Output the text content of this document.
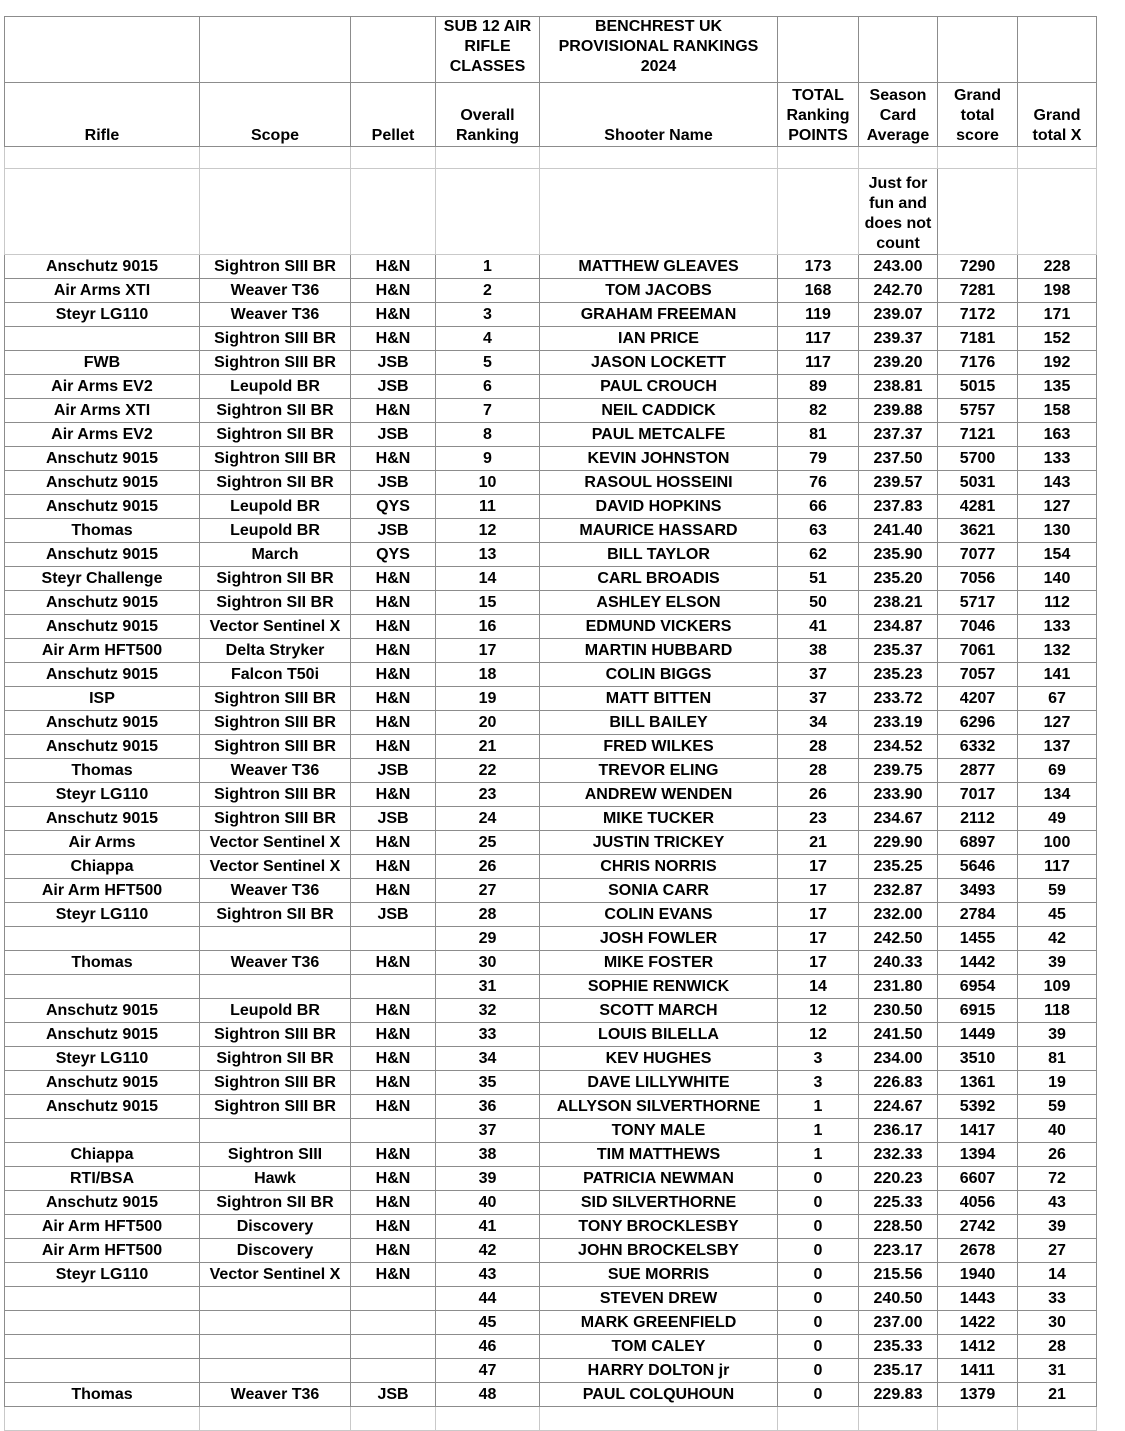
			SUB 12 AIR RIFLE CLASSES	BENCHREST UK PROVISIONAL RANKINGS 2024				
Rifle	Scope	Pellet	Overall Ranking	Shooter Name	TOTAL Ranking POINTS	Season Card Average	Grand total score	Grand total X

						Just for fun and does not count		
Anschutz 9015	Sightron SIII BR	H&N	1	MATTHEW GLEAVES	173	243.00	7290	228
Air Arms XTI	Weaver T36	H&N	2	TOM JACOBS	168	242.70	7281	198
Steyr LG110	Weaver T36	H&N	3	GRAHAM FREEMAN	119	239.07	7172	171
	Sightron SIII BR	H&N	4	IAN PRICE	117	239.37	7181	152
FWB	Sightron SIII BR	JSB	5	JASON LOCKETT	117	239.20	7176	192
Air Arms EV2	Leupold BR	JSB	6	PAUL CROUCH	89	238.81	5015	135
Air Arms XTI	Sightron SII BR	H&N	7	NEIL CADDICK	82	239.88	5757	158
Air Arms EV2	Sightron SII BR	JSB	8	PAUL METCALFE	81	237.37	7121	163
Anschutz 9015	Sightron SIII BR	H&N	9	KEVIN JOHNSTON	79	237.50	5700	133
Anschutz 9015	Sightron SII BR	JSB	10	RASOUL HOSSEINI	76	239.57	5031	143
Anschutz 9015	Leupold BR	QYS	11	DAVID HOPKINS	66	237.83	4281	127
Thomas	Leupold BR	JSB	12	MAURICE HASSARD	63	241.40	3621	130
Anschutz 9015	March	QYS	13	BILL TAYLOR	62	235.90	7077	154
Steyr Challenge	Sightron SII BR	H&N	14	CARL BROADIS	51	235.20	7056	140
Anschutz 9015	Sightron SII BR	H&N	15	ASHLEY ELSON	50	238.21	5717	112
Anschutz 9015	Vector Sentinel X	H&N	16	EDMUND VICKERS	41	234.87	7046	133
Air Arm HFT500	Delta Stryker	H&N	17	MARTIN HUBBARD	38	235.37	7061	132
Anschutz 9015	Falcon T50i	H&N	18	COLIN BIGGS	37	235.23	7057	141
ISP	Sightron SIII BR	H&N	19	MATT BITTEN	37	233.72	4207	67
Anschutz 9015	Sightron SIII BR	H&N	20	BILL BAILEY	34	233.19	6296	127
Anschutz 9015	Sightron SIII BR	H&N	21	FRED WILKES	28	234.52	6332	137
Thomas	Weaver T36	JSB	22	TREVOR ELING	28	239.75	2877	69
Steyr LG110	Sightron SIII BR	H&N	23	ANDREW WENDEN	26	233.90	7017	134
Anschutz 9015	Sightron SIII BR	JSB	24	MIKE TUCKER	23	234.67	2112	49
Air Arms	Vector Sentinel X	H&N	25	JUSTIN TRICKEY	21	229.90	6897	100
Chiappa	Vector Sentinel X	H&N	26	CHRIS NORRIS	17	235.25	5646	117
Air Arm HFT500	Weaver T36	H&N	27	SONIA CARR	17	232.87	3493	59
Steyr LG110	Sightron SII BR	JSB	28	COLIN EVANS	17	232.00	2784	45
			29	JOSH FOWLER	17	242.50	1455	42
Thomas	Weaver T36	H&N	30	MIKE FOSTER	17	240.33	1442	39
			31	SOPHIE RENWICK	14	231.80	6954	109
Anschutz 9015	Leupold BR	H&N	32	SCOTT MARCH	12	230.50	6915	118
Anschutz 9015	Sightron SIII BR	H&N	33	LOUIS BILELLA	12	241.50	1449	39
Steyr LG110	Sightron SII BR	H&N	34	KEV HUGHES	3	234.00	3510	81
Anschutz 9015	Sightron SIII BR	H&N	35	DAVE LILLYWHITE	3	226.83	1361	19
Anschutz 9015	Sightron SIII BR	H&N	36	ALLYSON SILVERTHORNE	1	224.67	5392	59
			37	TONY MALE	1	236.17	1417	40
Chiappa	Sightron SIII	H&N	38	TIM MATTHEWS	1	232.33	1394	26
RTI/BSA	Hawk	H&N	39	PATRICIA NEWMAN	0	220.23	6607	72
Anschutz 9015	Sightron SII BR	H&N	40	SID SILVERTHORNE	0	225.33	4056	43
Air Arm HFT500	Discovery	H&N	41	TONY BROCKLESBY	0	228.50	2742	39
Air Arm HFT500	Discovery	H&N	42	JOHN BROCKELSBY	0	223.17	2678	27
Steyr LG110	Vector Sentinel X	H&N	43	SUE MORRIS	0	215.56	1940	14
			44	STEVEN DREW	0	240.50	1443	33
			45	MARK GREENFIELD	0	237.00	1422	30
			46	TOM CALEY	0	235.33	1412	28
			47	HARRY DOLTON jr	0	235.17	1411	31
Thomas	Weaver T36	JSB	48	PAUL COLQUHOUN	0	229.83	1379	21
